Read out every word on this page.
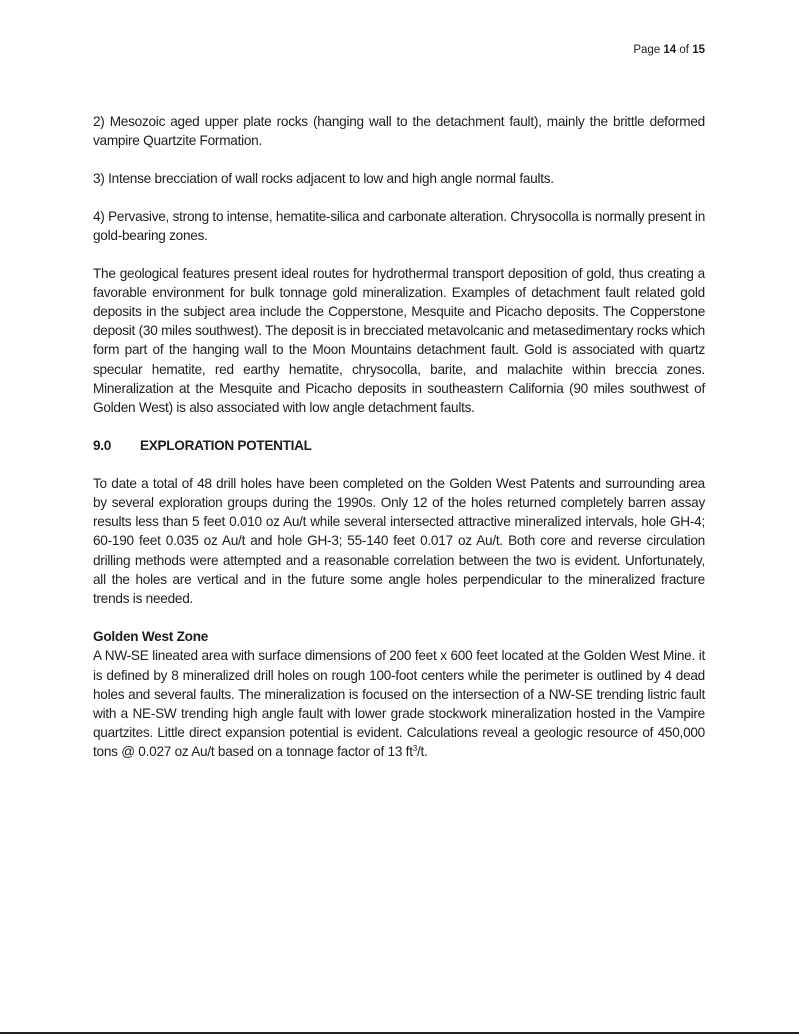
Page 14 of 15

2) Mesozoic aged upper plate rocks (hanging wall to the detachment fault), mainly the brittle deformed vampire Quartzite Formation.

3) Intense brecciation of wall rocks adjacent to low and high angle normal faults.

4) Pervasive, strong to intense, hematite-silica and carbonate alteration. Chrysocolla is normally present in gold-bearing zones.

The geological features present ideal routes for hydrothermal transport deposition of gold, thus creating a favorable environment for bulk tonnage gold mineralization. Examples of detachment fault related gold deposits in the subject area include the Copperstone, Mesquite and Picacho deposits. The Copperstone deposit (30 miles southwest). The deposit is in brecciated metavolcanic and metasedimentary rocks which form part of the hanging wall to the Moon Mountains detachment fault. Gold is associated with quartz specular hematite, red earthy hematite, chrysocolla, barite, and malachite within breccia zones. Mineralization at the Mesquite and Picacho deposits in southeastern California (90 miles southwest of Golden West) is also associated with low angle detachment faults.

9.0 EXPLORATION POTENTIAL

To date a total of 48 drill holes have been completed on the Golden West Patents and surrounding area by several exploration groups during the 1990s. Only 12 of the holes returned completely barren assay results less than 5 feet 0.010 oz Au/t while several intersected attractive mineralized intervals, hole GH-4; 60-190 feet 0.035 oz Au/t and hole GH-3; 55-140 feet 0.017 oz Au/t. Both core and reverse circulation drilling methods were attempted and a reasonable correlation between the two is evident. Unfortunately, all the holes are vertical and in the future some angle holes perpendicular to the mineralized fracture trends is needed.

Golden West Zone

A NW-SE lineated area with surface dimensions of 200 feet x 600 feet located at the Golden West Mine. it is defined by 8 mineralized drill holes on rough 100-foot centers while the perimeter is outlined by 4 dead holes and several faults. The mineralization is focused on the intersection of a NW-SE trending listric fault with a NE-SW trending high angle fault with lower grade stockwork mineralization hosted in the Vampire quartzites. Little direct expansion potential is evident. Calculations reveal a geologic resource of 450,000 tons @ 0.027 oz Au/t based on a tonnage factor of 13 $ft^3/t$.
